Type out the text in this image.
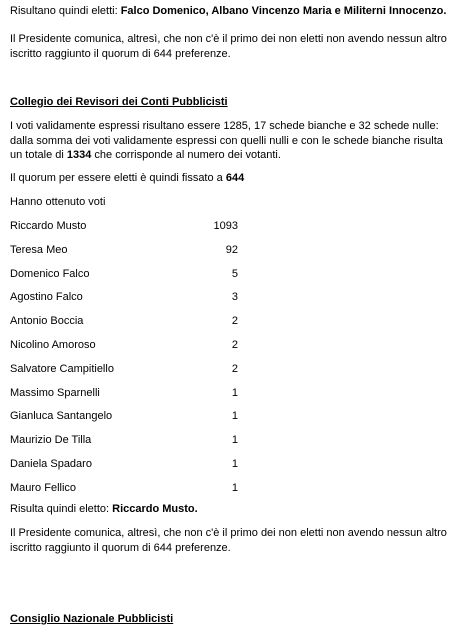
Risultano quindi eletti: Falco Domenico, Albano Vincenzo Maria e Militerni Innocenzo.
Il Presidente comunica, altresì, che non c'è il primo dei non eletti non avendo nessun altro
iscritto raggiunto il quorum di 644 preferenze.
Collegio dei Revisori dei Conti Pubblicisti
I voti validamente espressi risultano essere 1285, 17 schede bianche e 32 schede nulle:
dalla somma dei voti validamente espressi con quelli nulli e con le schede bianche risulta
un totale di 1334 che corrisponde al numero dei votanti.
Il quorum per essere eletti è quindi fissato a 644
Hanno ottenuto voti
Riccardo Musto	1093
Teresa Meo	92
Domenico Falco	5
Agostino Falco	3
Antonio Boccia	2
Nicolino Amoroso	2
Salvatore Campitiello	2
Massimo Sparnelli	1
Gianluca Santangelo	1
Maurizio De Tilla	1
Daniela Spadaro	1
Mauro Fellico	1
Risulta quindi eletto: Riccardo Musto.
Il Presidente comunica, altresì, che non c'è il primo dei non eletti non avendo nessun altro
iscritto raggiunto il quorum di 644 preferenze.
Consiglio Nazionale Pubblicisti
